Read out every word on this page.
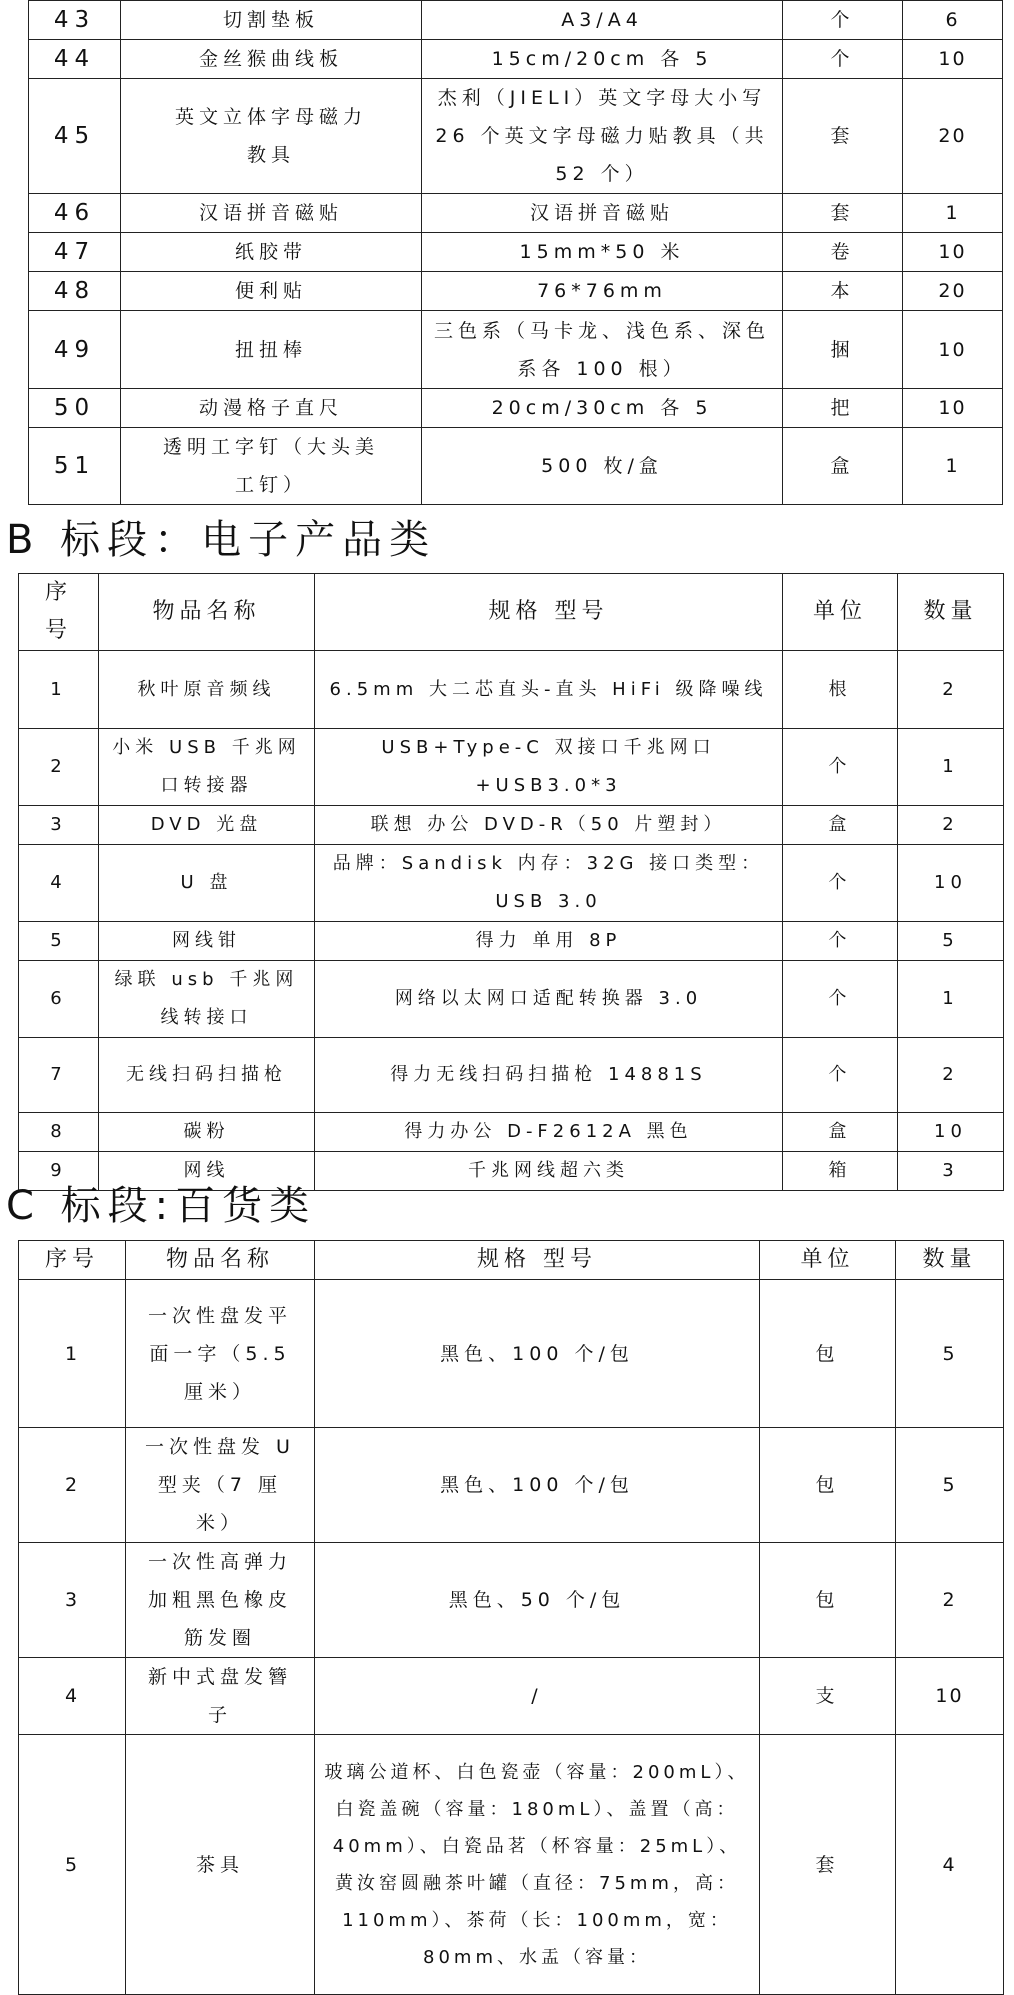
43	切割垫板	A3/A4	个	6
44	金丝猴曲线板	15cm/20cm 各 5	个	10
45	英文立体字母磁力教具	杰利（JIELI）英文字母大小写 26 个英文字母磁力贴教具（共 52 个）	套	20
46	汉语拼音磁贴	汉语拼音磁贴	套	1
47	纸胶带	15mm*50 米	卷	10
48	便利贴	76*76mm	本	20
49	扭扭棒	三色系（马卡龙、浅色系、深色系各 100 根）	捆	10
50	动漫格子直尺	20cm/30cm 各 5	把	10
51	透明工字钉（大头美工钉）	500 枚/盒	盒	1
B 标段：电子产品类
序号	物品名称	规格 型号	单位	数量
1	秋叶原音频线	6.5mm 大二芯直头-直头 HiFi 级降噪线	根	2
2	小米 USB 千兆网口转接器	USB+Type-C 双接口千兆网口+USB3.0*3	个	1
3	DVD 光盘	联想 办公 DVD-R（50 片塑封）	盒	2
4	U 盘	品牌：Sandisk 内存：32G 接口类型：USB 3.0	个	10
5	网线钳	得力 单用 8P	个	5
6	绿联 usb 千兆网线转接口	网络以太网口适配转换器 3.0	个	1
7	无线扫码扫描枪	得力无线扫码扫描枪 14881S	个	2
8	碳粉	得力办公 D-F2612A 黑色	盒	10
9	网线	千兆网线超六类	箱	3
C 标段:百货类
序号	物品名称	规格 型号	单位	数量
1	一次性盘发平面一字（5.5 厘米）	黑色、100 个/包	包	5
2	一次性盘发 U 型夹（7 厘米）	黑色、100 个/包	包	5
3	一次性高弹力加粗黑色橡皮筋发圈	黑色、50 个/包	包	2
4	新中式盘发簪子	/	支	10
5	茶具	玻璃公道杯、白色瓷壶（容量：200mL）、白瓷盖碗（容量：180mL）、盖置（高：40mm）、白瓷品茗（杯容量：25mL）、黄汝窑圆融茶叶罐（直径：75mm，高：110mm）、茶荷（长：100mm，宽：80mm、水盂（容量：	套	4
